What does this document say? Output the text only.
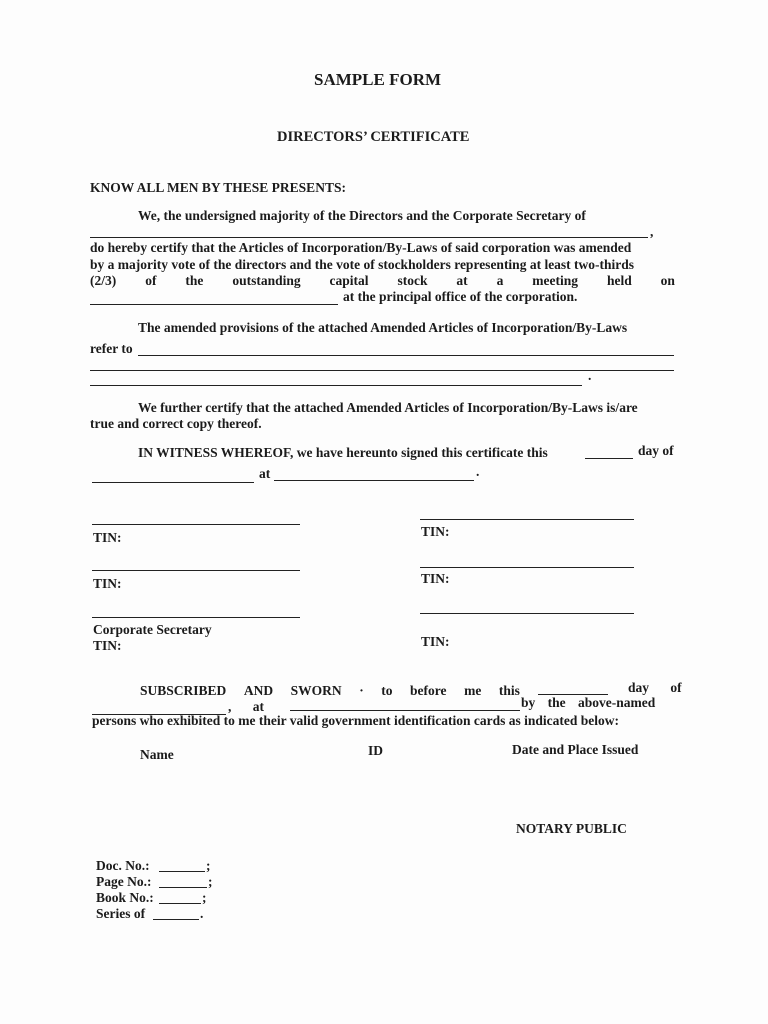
SAMPLE FORM
DIRECTORS’ CERTIFICATE
KNOW ALL MEN BY THESE PRESENTS:
We, the undersigned majority of the Directors and the Corporate Secretary of
,
do hereby certify that the Articles of Incorporation/By-Laws of said corporation was amended
by a majority vote of the directors and the vote of stockholders representing at least two-thirds
(2/3) of the outstanding capital stock at a meeting held on
at the principal office of the corporation.
The amended provisions of the attached Amended Articles of Incorporation/By-Laws
refer to
.
We further certify that the attached Amended Articles of Incorporation/By-Laws is/are
true and correct copy thereof.
IN WITNESS WHEREOF, we have hereunto signed this certificate this	day of
at	.
TIN:
TIN:
Corporate Secretary
TIN:
TIN:
TIN:
TIN:
SUBSCRIBED AND SWORN · to before me this	day of
, at	by the above-named
persons who exhibited to me their valid government identification cards as indicated below:
Name	ID	Date and Place Issued
NOTARY PUBLIC
Doc. No.:	;
Page No.:	;
Book No.:	;
Series of	.
